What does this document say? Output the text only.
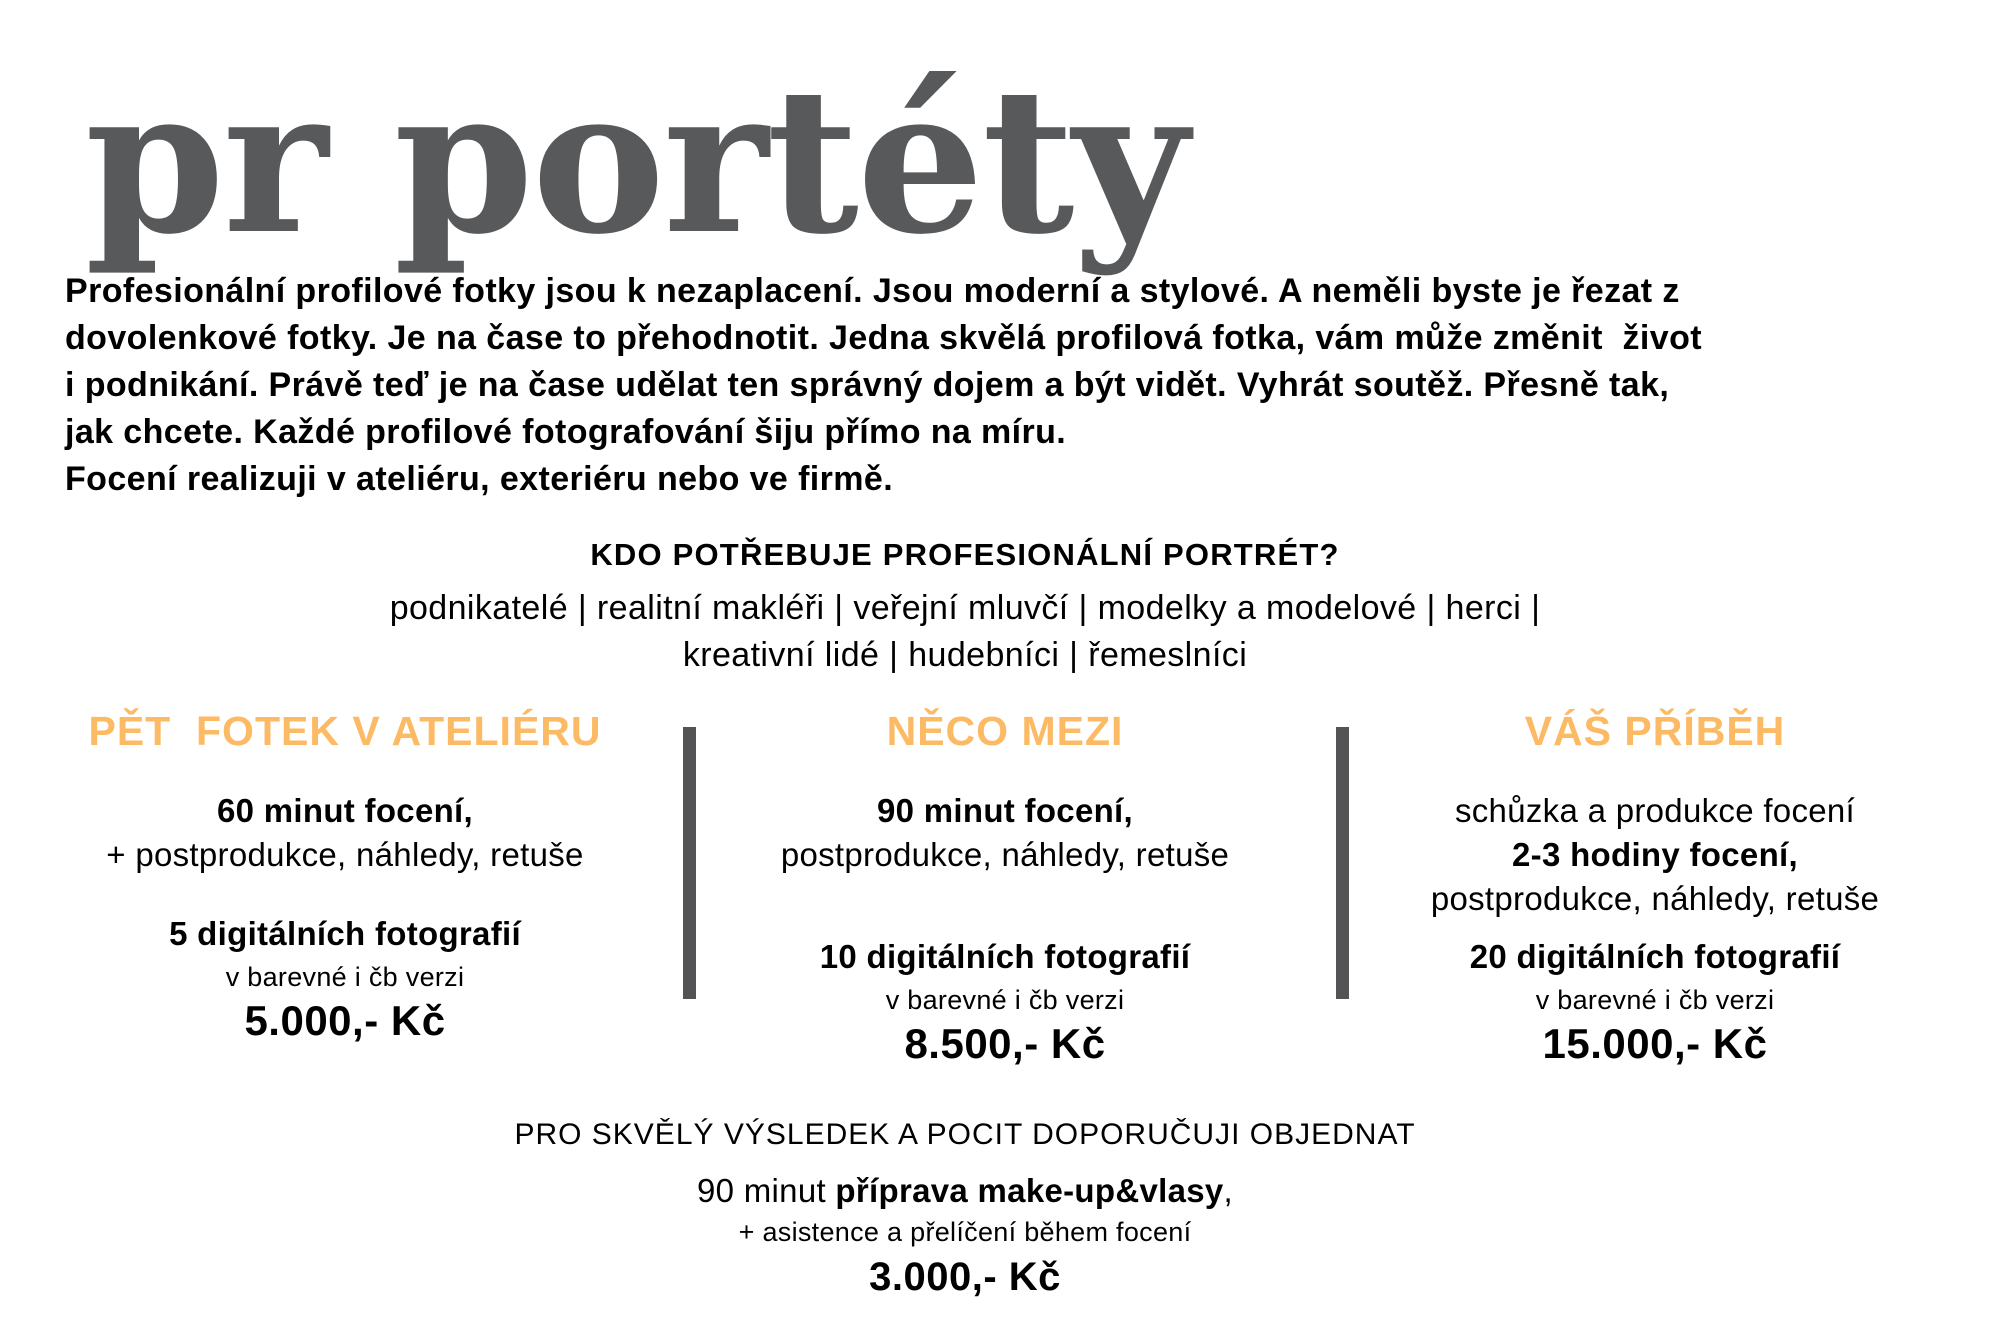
pr portéty
Profesionální profilové fotky jsou k nezaplacení. Jsou moderní a stylové. A neměli byste je řezat z
dovolenkové fotky. Je na čase to přehodnotit. Jedna skvělá profilová fotka, vám může změnit  život
i podnikání. Právě teď je na čase udělat ten správný dojem a být vidět. Vyhrát soutěž. Přesně tak,
jak chcete. Každé profilové fotografování šiju přímo na míru.
Focení realizuji v ateliéru, exteriéru nebo ve firmě.
KDO POTŘEBUJE PROFESIONÁLNÍ PORTRÉT?
podnikatelé | realitní makléři | veřejní mluvčí | modelky a modelové | herci |
kreativní lidé | hudebníci | řemeslníci
PĚT  FOTEK V ATELIÉRU
60 minut focení,
+ postprodukce, náhledy, retuše
5 digitálních fotografií
v barevné i čb verzi
5.000,- Kč
NĚCO MEZI
90 minut focení,
postprodukce, náhledy, retuše
10 digitálních fotografií
v barevné i čb verzi
8.500,- Kč
VÁŠ PŘÍBĚH
schůzka a produkce focení
2-3 hodiny focení,
postprodukce, náhledy, retuše
20 digitálních fotografií
v barevné i čb verzi
15.000,- Kč
PRO SKVĚLÝ VÝSLEDEK A POCIT DOPORUČUJI OBJEDNAT
90 minut příprava make-up&vlasy,
+ asistence a přelíčení během focení
3.000,- Kč
